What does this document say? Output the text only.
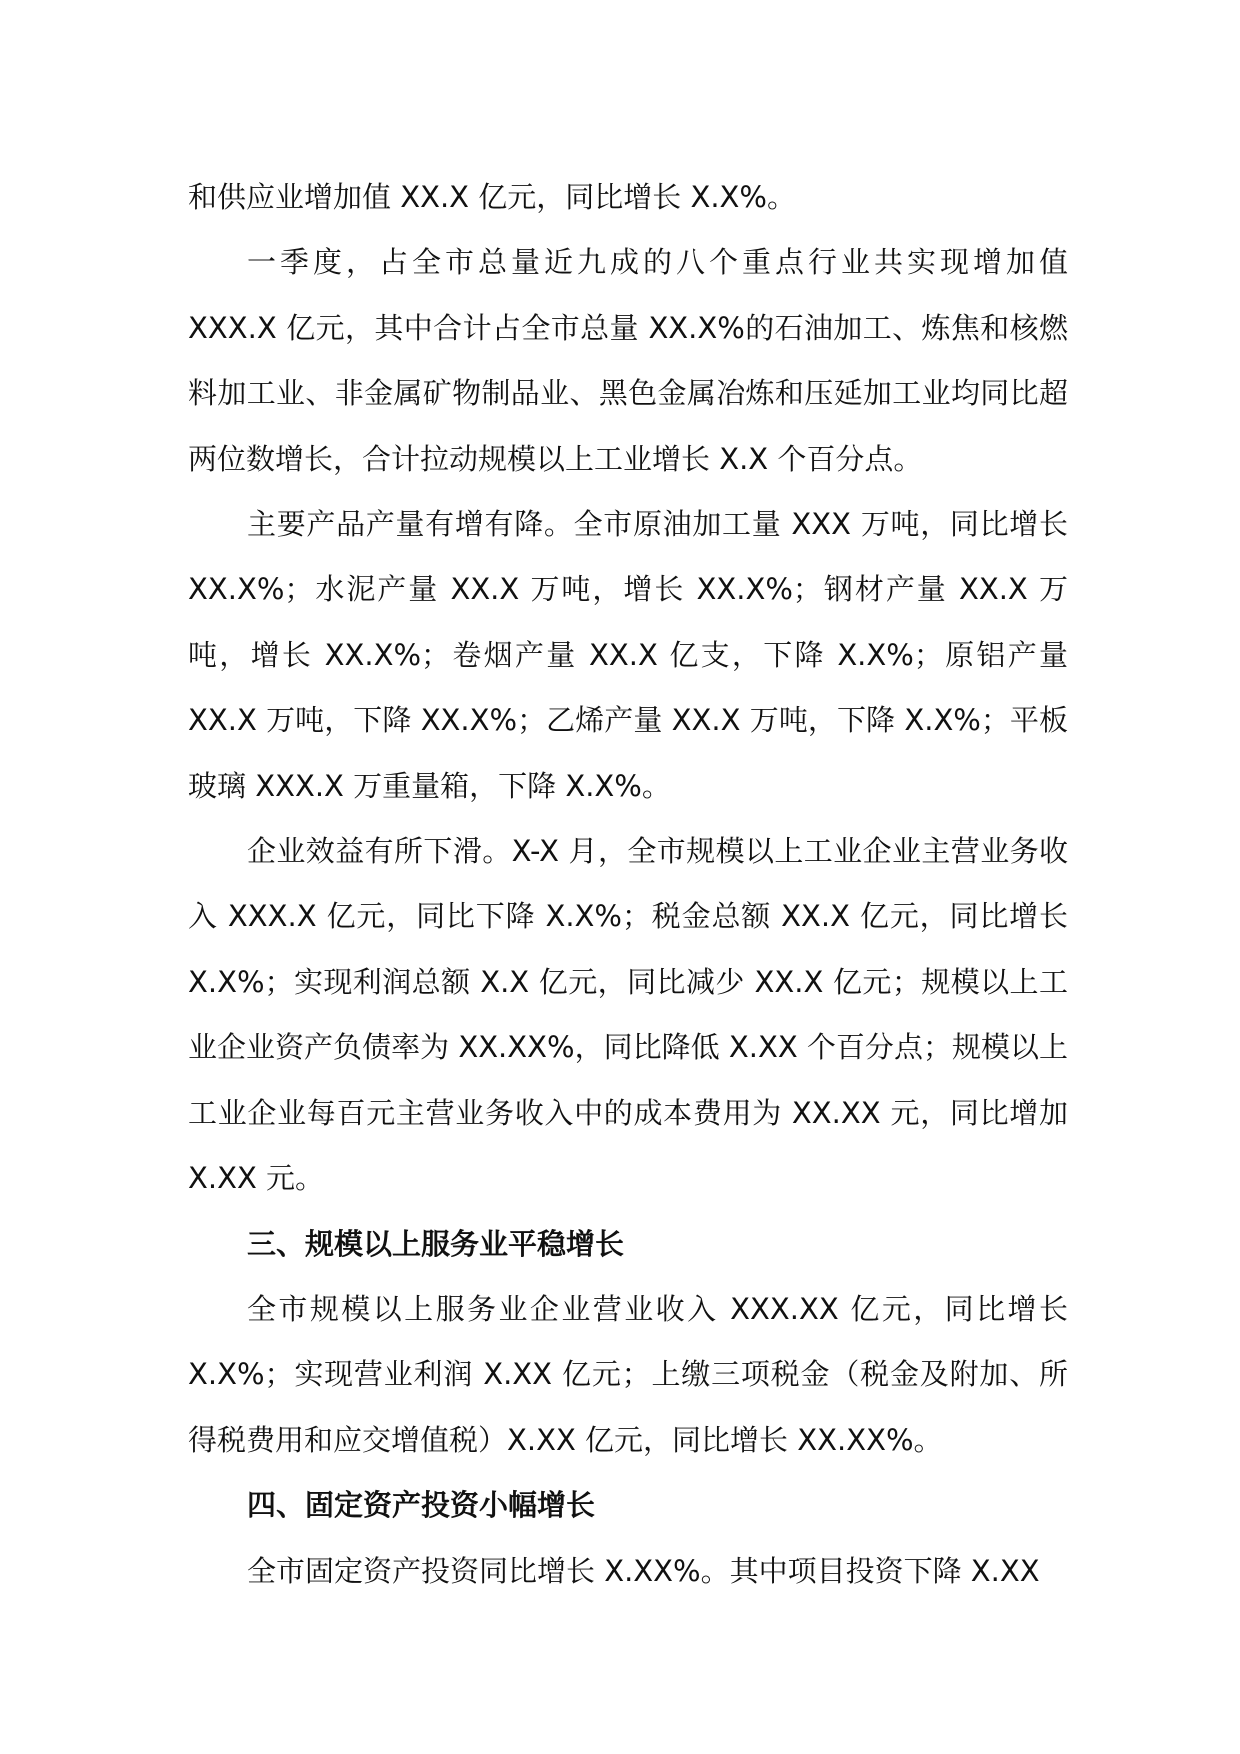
和供应业增加值 XX.X 亿元，同比增长 X.X%。

一季度，占全市总量近九成的八个重点行业共实现增加值 XXX.X 亿元，其中合计占全市总量 XX.X%的石油加工、炼焦和核燃料加工业、非金属矿物制品业、黑色金属冶炼和压延加工业均同比超两位数增长，合计拉动规模以上工业增长 X.X 个百分点。

主要产品产量有增有降。全市原油加工量 XXX 万吨，同比增长 XX.X%；水泥产量 XX.X 万吨，增长 XX.X%；钢材产量 XX.X 万吨，增长 XX.X%；卷烟产量 XX.X 亿支，下降 X.X%；原铝产量 XX.X 万吨，下降 XX.X%；乙烯产量 XX.X 万吨，下降 X.X%；平板玻璃 XXX.X 万重量箱，下降 X.X%。

企业效益有所下滑。X-X 月，全市规模以上工业企业主营业务收入 XXX.X 亿元，同比下降 X.X%；税金总额 XX.X 亿元，同比增长 X.X%；实现利润总额 X.X 亿元，同比减少 XX.X 亿元；规模以上工业企业资产负债率为 XX.XX%，同比降低 X.XX 个百分点；规模以上工业企业每百元主营业务收入中的成本费用为 XX.XX 元，同比增加 X.XX 元。

三、规模以上服务业平稳增长

全市规模以上服务业企业营业收入 XXX.XX 亿元，同比增长 X.X%；实现营业利润 X.XX 亿元；上缴三项税金（税金及附加、所得税费用和应交增值税）X.XX 亿元，同比增长 XX.XX%。

四、固定资产投资小幅增长

全市固定资产投资同比增长 X.XX%。其中项目投资下降 X.XX
